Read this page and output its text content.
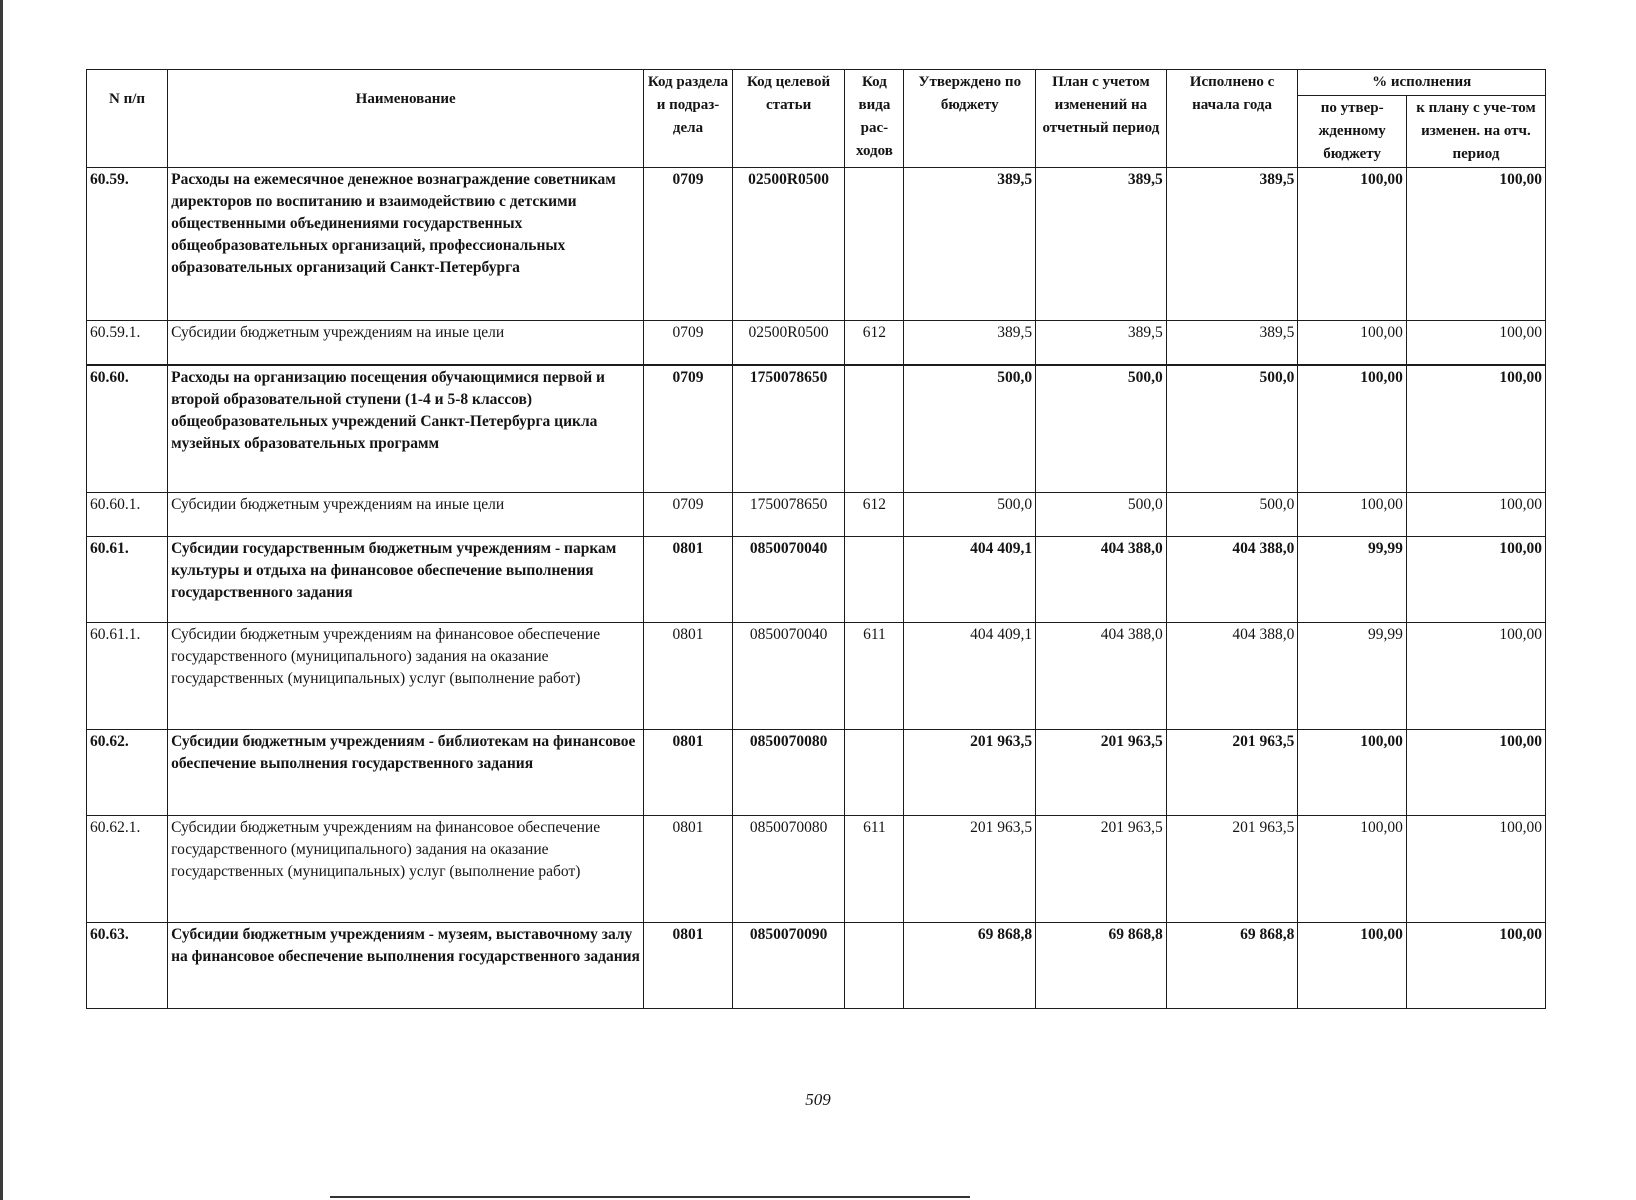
N п/п	Наименование	Код раздела и подраз-дела	Код целевой статьи	Код вида рас-ходов	Утверждено по бюджету	План с учетом изменений на отчетный период	Исполнено с начала года	% исполнения	
								по утвер-жденному бюджету	к плану с уче-том изменен. на отч. период
60.59.	Расходы на ежемесячное денежное вознаграждение советникам директоров по воспитанию и взаимодействию с детскими общественными объединениями государственных общеобразовательных организаций, профессиональных образовательных организаций Санкт-Петербурга	0709	02500R0500		389,5	389,5	389,5	100,00	100,00
60.59.1.	Субсидии бюджетным учреждениям на иные цели	0709	02500R0500	612	389,5	389,5	389,5	100,00	100,00
60.60.	Расходы на организацию посещения обучающимися первой и второй образовательной ступени (1-4 и 5-8 классов) общеобразовательных учреждений Санкт-Петербурга цикла музейных образовательных программ	0709	1750078650		500,0	500,0	500,0	100,00	100,00
60.60.1.	Субсидии бюджетным учреждениям на иные цели	0709	1750078650	612	500,0	500,0	500,0	100,00	100,00
60.61.	Субсидии государственным бюджетным учреждениям - паркам культуры и отдыха на финансовое обеспечение выполнения государственного задания	0801	0850070040		404 409,1	404 388,0	404 388,0	99,99	100,00
60.61.1.	Субсидии бюджетным учреждениям на финансовое обеспечение государственного (муниципального) задания на оказание государственных (муниципальных) услуг (выполнение работ)	0801	0850070040	611	404 409,1	404 388,0	404 388,0	99,99	100,00
60.62.	Субсидии бюджетным учреждениям - библиотекам на финансовое обеспечение выполнения государственного задания	0801	0850070080		201 963,5	201 963,5	201 963,5	100,00	100,00
60.62.1.	Субсидии бюджетным учреждениям на финансовое обеспечение государственного (муниципального) задания на оказание государственных (муниципальных) услуг (выполнение работ)	0801	0850070080	611	201 963,5	201 963,5	201 963,5	100,00	100,00
60.63.	Субсидии бюджетным учреждениям - музеям, выставочному залу на финансовое обеспечение выполнения государственного задания	0801	0850070090		69 868,8	69 868,8	69 868,8	100,00	100,00
509
